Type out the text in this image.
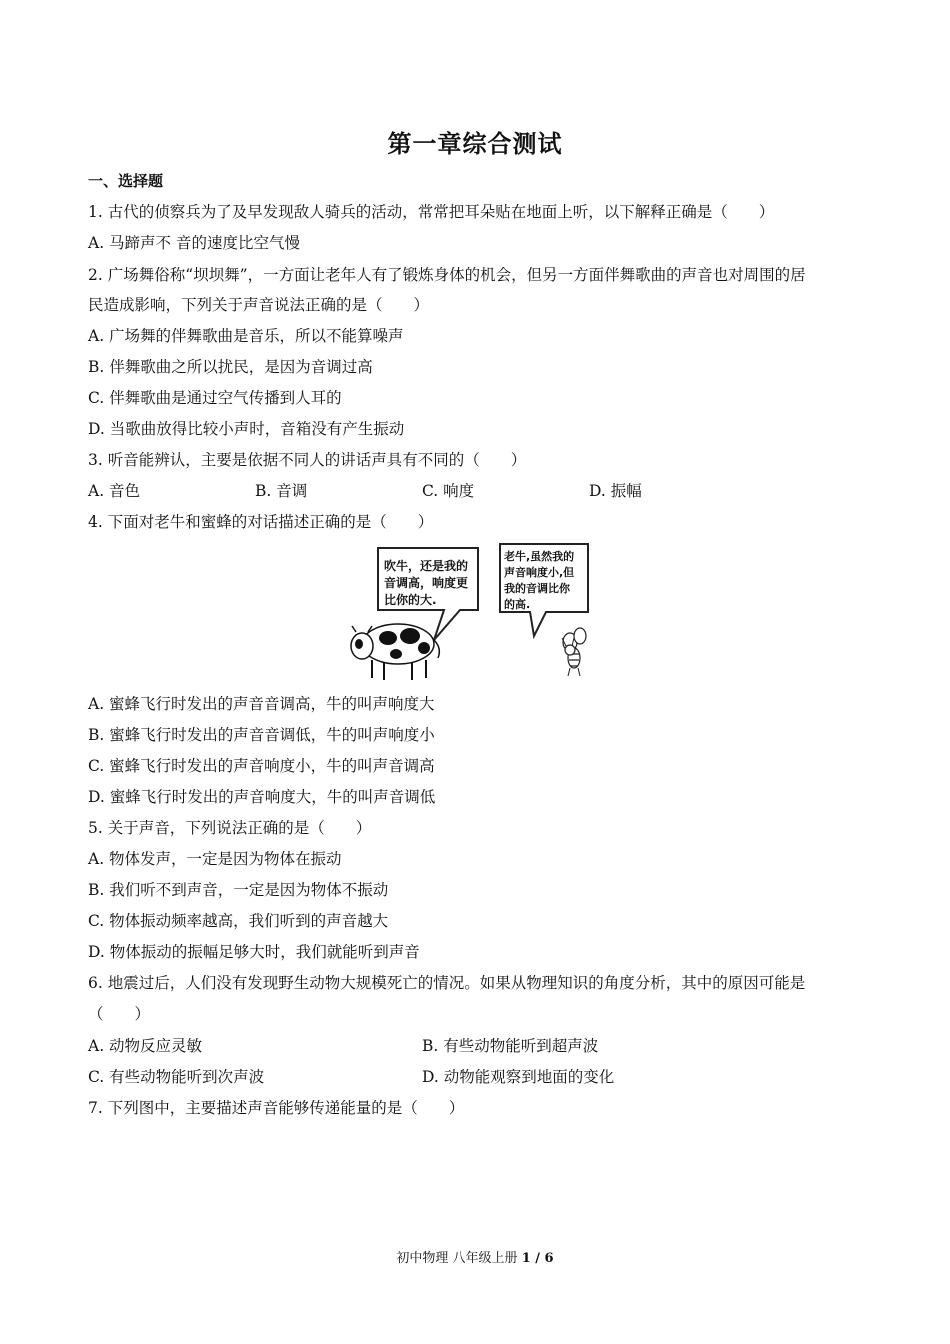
第一章综合测试
一、选择题
1. 古代的侦察兵为了及早发现敌人骑兵的活动，常常把耳朵贴在地面上听，以下解释正确是（　　）
A. 马蹄声不 音的速度比空气慢
2. 广场舞俗称“坝坝舞”，一方面让老年人有了锻炼身体的机会，但另一方面伴舞歌曲的声音也对周围的居
民造成影响，下列关于声音说法正确的是（　　）
A. 广场舞的伴舞歌曲是音乐，所以不能算噪声
B. 伴舞歌曲之所以扰民，是因为音调过高
C. 伴舞歌曲是通过空气传播到人耳的
D. 当歌曲放得比较小声时，音箱没有产生振动
3. 听音能辨认，主要是依据不同人的讲话声具有不同的（　　）
A. 音色	B. 音调	C. 响度	D. 振幅
4. 下面对老牛和蜜蜂的对话描述正确的是（　　）
吹牛，还是我的
音调高，响度更
比你的大.
老牛,虽然我的
声音响度小,但
我的音调比你
的高.
A. 蜜蜂飞行时发出的声音音调高，牛的叫声响度大
B. 蜜蜂飞行时发出的声音音调低，牛的叫声响度小
C. 蜜蜂飞行时发出的声音响度小，牛的叫声音调高
D. 蜜蜂飞行时发出的声音响度大，牛的叫声音调低
5. 关于声音，下列说法正确的是（　　）
A. 物体发声，一定是因为物体在振动
B. 我们听不到声音，一定是因为物体不振动
C. 物体振动频率越高，我们听到的声音越大
D. 物体振动的振幅足够大时，我们就能听到声音
6. 地震过后，人们没有发现野生动物大规模死亡的情况。如果从物理知识的角度分析，其中的原因可能是
（　　）
A. 动物反应灵敏	B. 有些动物能听到超声波
C. 有些动物能听到次声波	D. 动物能观察到地面的变化
7. 下列图中，主要描述声音能够传递能量的是（　　）
初中物理 八年级上册 1 / 6
